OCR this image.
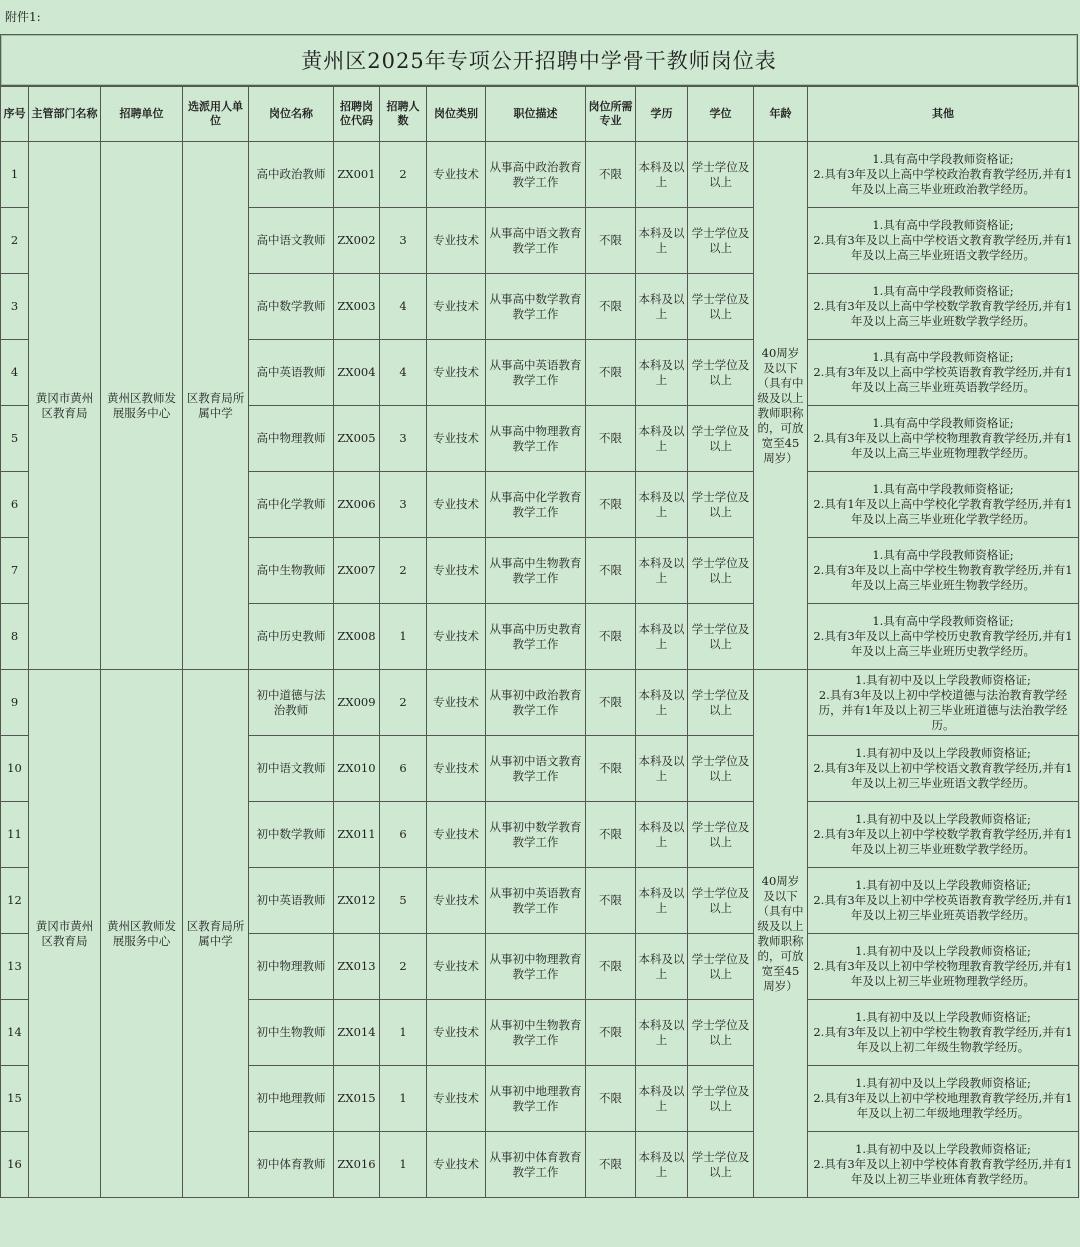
附件1:
黄州区2025年专项公开招聘中学骨干教师岗位表
序号	主管部门名称	招聘单位	选派用人单位	岗位名称	招聘岗位代码	招聘人数	岗位类别	职位描述	岗位所需专业	学历	学位	年龄	其他
1	黄冈市黄州区教育局	黄州区教师发展服务中心	区教育局所属中学	高中政治教师	ZX001	2	专业技术	从事高中政治教育教学工作	不限	本科及以上	学士学位及以上	40周岁及以下（具有中级及以上教师职称的，可放宽至45周岁）	1.具有高中学段教师资格证;
2.具有3年及以上高中学校政治教育教学经历,并有1年及以上高三毕业班政治教学经历。
2				高中语文教师	ZX002	3	专业技术	从事高中语文教育教学工作	不限	本科及以上	学士学位及以上		1.具有高中学段教师资格证;
2.具有3年及以上高中学校语文教育教学经历,并有1年及以上高三毕业班语文教学经历。
3				高中数学教师	ZX003	4	专业技术	从事高中数学教育教学工作	不限	本科及以上	学士学位及以上		1.具有高中学段教师资格证;
2.具有3年及以上高中学校数学教育教学经历,并有1年及以上高三毕业班数学教学经历。
4				高中英语教师	ZX004	4	专业技术	从事高中英语教育教学工作	不限	本科及以上	学士学位及以上		1.具有高中学段教师资格证;
2.具有3年及以上高中学校英语教育教学经历,并有1年及以上高三毕业班英语教学经历。
5				高中物理教师	ZX005	3	专业技术	从事高中物理教育教学工作	不限	本科及以上	学士学位及以上		1.具有高中学段教师资格证;
2.具有3年及以上高中学校物理教育教学经历,并有1年及以上高三毕业班物理教学经历。
6				高中化学教师	ZX006	3	专业技术	从事高中化学教育教学工作	不限	本科及以上	学士学位及以上		1.具有高中学段教师资格证;
2.具有1年及以上高中学校化学教育教学经历,并有1年及以上高三毕业班化学教学经历。
7				高中生物教师	ZX007	2	专业技术	从事高中生物教育教学工作	不限	本科及以上	学士学位及以上		1.具有高中学段教师资格证;
2.具有3年及以上高中学校生物教育教学经历,并有1年及以上高三毕业班生物教学经历。
8				高中历史教师	ZX008	1	专业技术	从事高中历史教育教学工作	不限	本科及以上	学士学位及以上		1.具有高中学段教师资格证;
2.具有3年及以上高中学校历史教育教学经历,并有1年及以上高三毕业班历史教学经历。
9	黄冈市黄州区教育局	黄州区教师发展服务中心	区教育局所属中学	初中道德与法治教师	ZX009	2	专业技术	从事初中政治教育教学工作	不限	本科及以上	学士学位及以上	40周岁及以下（具有中级及以上教师职称的，可放宽至45周岁）	1.具有初中及以上学段教师资格证;
2.具有3年及以上初中学校道德与法治教育教学经历，并有1年及以上初三毕业班道德与法治教学经历。
10				初中语文教师	ZX010	6	专业技术	从事初中语文教育教学工作	不限	本科及以上	学士学位及以上		1.具有初中及以上学段教师资格证;
2.具有3年及以上初中学校语文教育教学经历,并有1年及以上初三毕业班语文教学经历。
11				初中数学教师	ZX011	6	专业技术	从事初中数学教育教学工作	不限	本科及以上	学士学位及以上		1.具有初中及以上学段教师资格证;
2.具有3年及以上初中学校数学教育教学经历,并有1年及以上初三毕业班数学教学经历。
12				初中英语教师	ZX012	5	专业技术	从事初中英语教育教学工作	不限	本科及以上	学士学位及以上		1.具有初中及以上学段教师资格证;
2.具有3年及以上初中学校英语教育教学经历,并有1年及以上初三毕业班英语教学经历。
13				初中物理教师	ZX013	2	专业技术	从事初中物理教育教学工作	不限	本科及以上	学士学位及以上		1.具有初中及以上学段教师资格证;
2.具有3年及以上初中学校物理教育教学经历,并有1年及以上初三毕业班物理教学经历。
14				初中生物教师	ZX014	1	专业技术	从事初中生物教育教学工作	不限	本科及以上	学士学位及以上		1.具有初中及以上学段教师资格证;
2.具有3年及以上初中学校生物教育教学经历,并有1年及以上初二年级生物教学经历。
15				初中地理教师	ZX015	1	专业技术	从事初中地理教育教学工作	不限	本科及以上	学士学位及以上		1.具有初中及以上学段教师资格证;
2.具有3年及以上初中学校地理教育教学经历,并有1年及以上初二年级地理教学经历。
16				初中体育教师	ZX016	1	专业技术	从事初中体育教育教学工作	不限	本科及以上	学士学位及以上		1.具有初中及以上学段教师资格证;
2.具有3年及以上初中学校体育教育教学经历,并有1年及以上初三毕业班体育教学经历。
